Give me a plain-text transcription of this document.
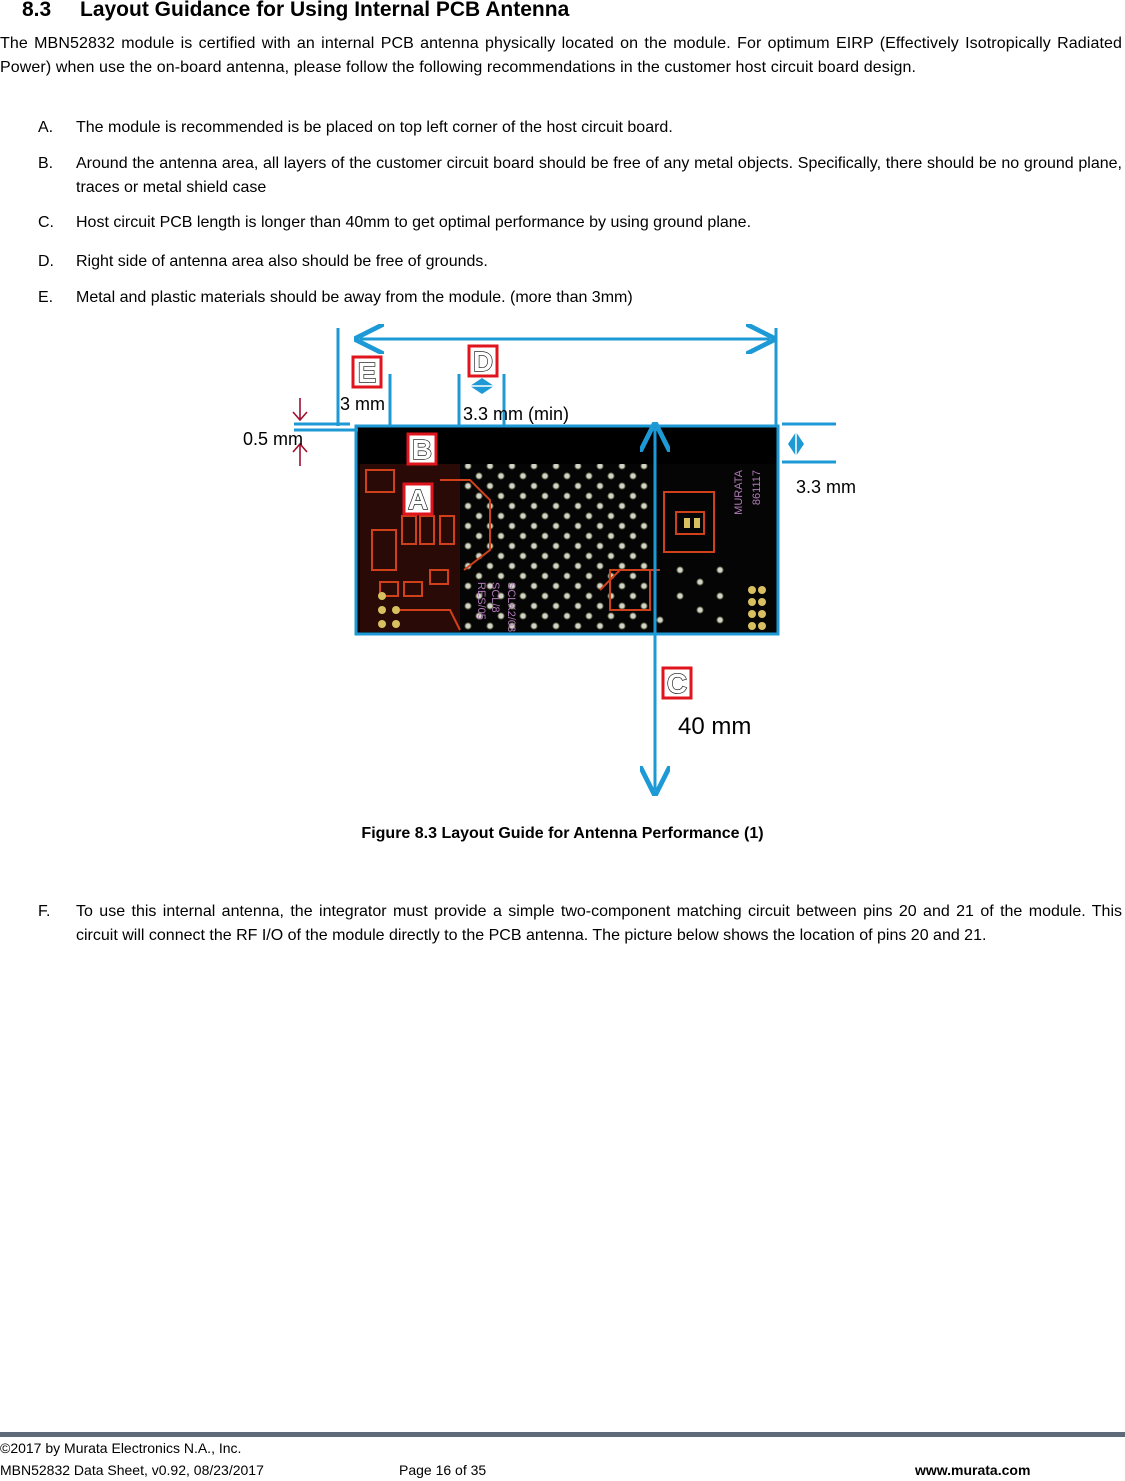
8.3 Layout Guidance for Using Internal PCB Antenna

The MBN52832 module is certified with an internal PCB antenna physically located on the module. For optimum EIRP (Effectively Isotropically Radiated Power) when use the on-board antenna, please follow the following recommendations in the customer host circuit board design.

A. The module is recommended is be placed on top left corner of the host circuit board.
B. Around the antenna area, all layers of the customer circuit board should be free of any metal objects. Specifically, there should be no ground plane, traces or metal shield case
C. Host circuit PCB length is longer than 40mm to get optimal performance by using ground plane.
D. Right side of antenna area also should be free of grounds.
E. Metal and plastic materials should be away from the module. (more than 3mm)
MURATA 861117
SCLK2/03
SCL/8
RES/05
E	D
B
A
C
3 mm	3.3 mm (min)
0.5 mm
3.3 mm
40 mm

Figure 8.3 Layout Guide for Antenna Performance (1)

F. To use this internal antenna, the integrator must provide a simple two-component matching circuit between pins 20 and 21 of the module. This circuit will connect the RF I/O of the module directly to the PCB antenna. The picture below shows the location of pins 20 and 21.
©2017 by Murata Electronics N.A., Inc.
MBN52832 Data Sheet, v0.92, 08/23/2017	Page 16 of 35	www.murata.com
